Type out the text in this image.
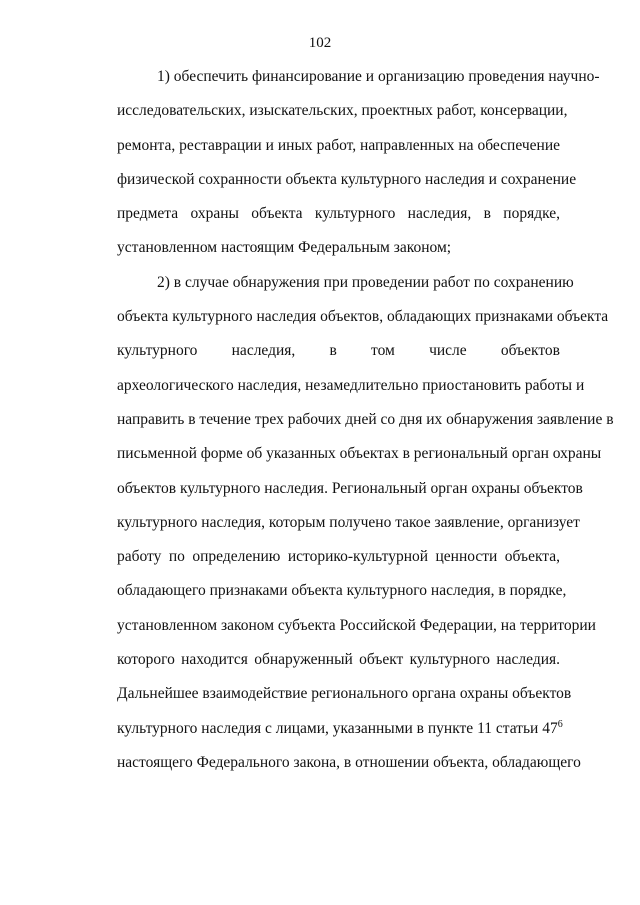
102
1) обеспечить финансирование и организацию проведения научно-
исследовательских, изыскательских, проектных работ, консервации,
ремонта, реставрации и иных работ, направленных на обеспечение
физической сохранности объекта культурного наследия и сохранение
предмета охраны объекта культурного наследия, в порядке,
установленном настоящим Федеральным законом;
2) в случае обнаружения при проведении работ по сохранению
объекта культурного наследия объектов, обладающих признаками объекта
культурного наследия, в том числе объектов
археологического наследия, незамедлительно приостановить работы и
направить в течение трех рабочих дней со дня их обнаружения заявление в
письменной форме об указанных объектах в региональный орган охраны
объектов культурного наследия. Региональный орган охраны объектов
культурного наследия, которым получено такое заявление, организует
работу по определению историко-культурной ценности объекта,
обладающего признаками объекта культурного наследия, в порядке,
установленном законом субъекта Российской Федерации, на территории
которого находится обнаруженный объект культурного наследия.
Дальнейшее взаимодействие регионального органа охраны объектов
культурного наследия с лицами, указанными в пункте 11 статьи $47^6$
настоящего Федерального закона, в отношении объекта, обладающего
